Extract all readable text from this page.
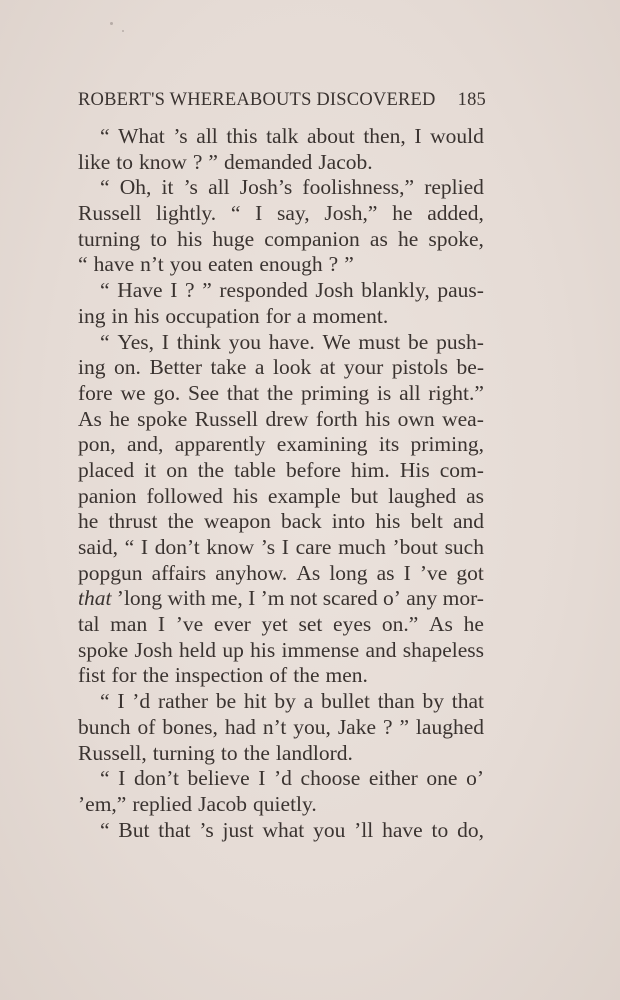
ROBERT'S WHEREABOUTS DISCOVERED 185
“ What ’s all this talk about then, I would
like to know ? ” demanded Jacob.
“ Oh, it ’s all Josh’s foolishness,” replied
Russell lightly. “ I say, Josh,” he added,
turning to his huge companion as he spoke,
“ have n’t you eaten enough ? ”
“ Have I ? ” responded Josh blankly, paus-
ing in his occupation for a moment.
“ Yes, I think you have. We must be push-
ing on. Better take a look at your pistols be-
fore we go. See that the priming is all right.”
As he spoke Russell drew forth his own wea-
pon, and, apparently examining its priming,
placed it on the table before him. His com-
panion followed his example but laughed as
he thrust the weapon back into his belt and
said, “ I don’t know ’s I care much ’bout such
popgun affairs anyhow. As long as I ’ve got
that ’long with me, I ’m not scared o’ any mor-
tal man I ’ve ever yet set eyes on.” As he
spoke Josh held up his immense and shapeless
fist for the inspection of the men.
“ I ’d rather be hit by a bullet than by that
bunch of bones, had n’t you, Jake ? ” laughed
Russell, turning to the landlord.
“ I don’t believe I ’d choose either one o’
’em,” replied Jacob quietly.
“ But that ’s just what you ’ll have to do,
